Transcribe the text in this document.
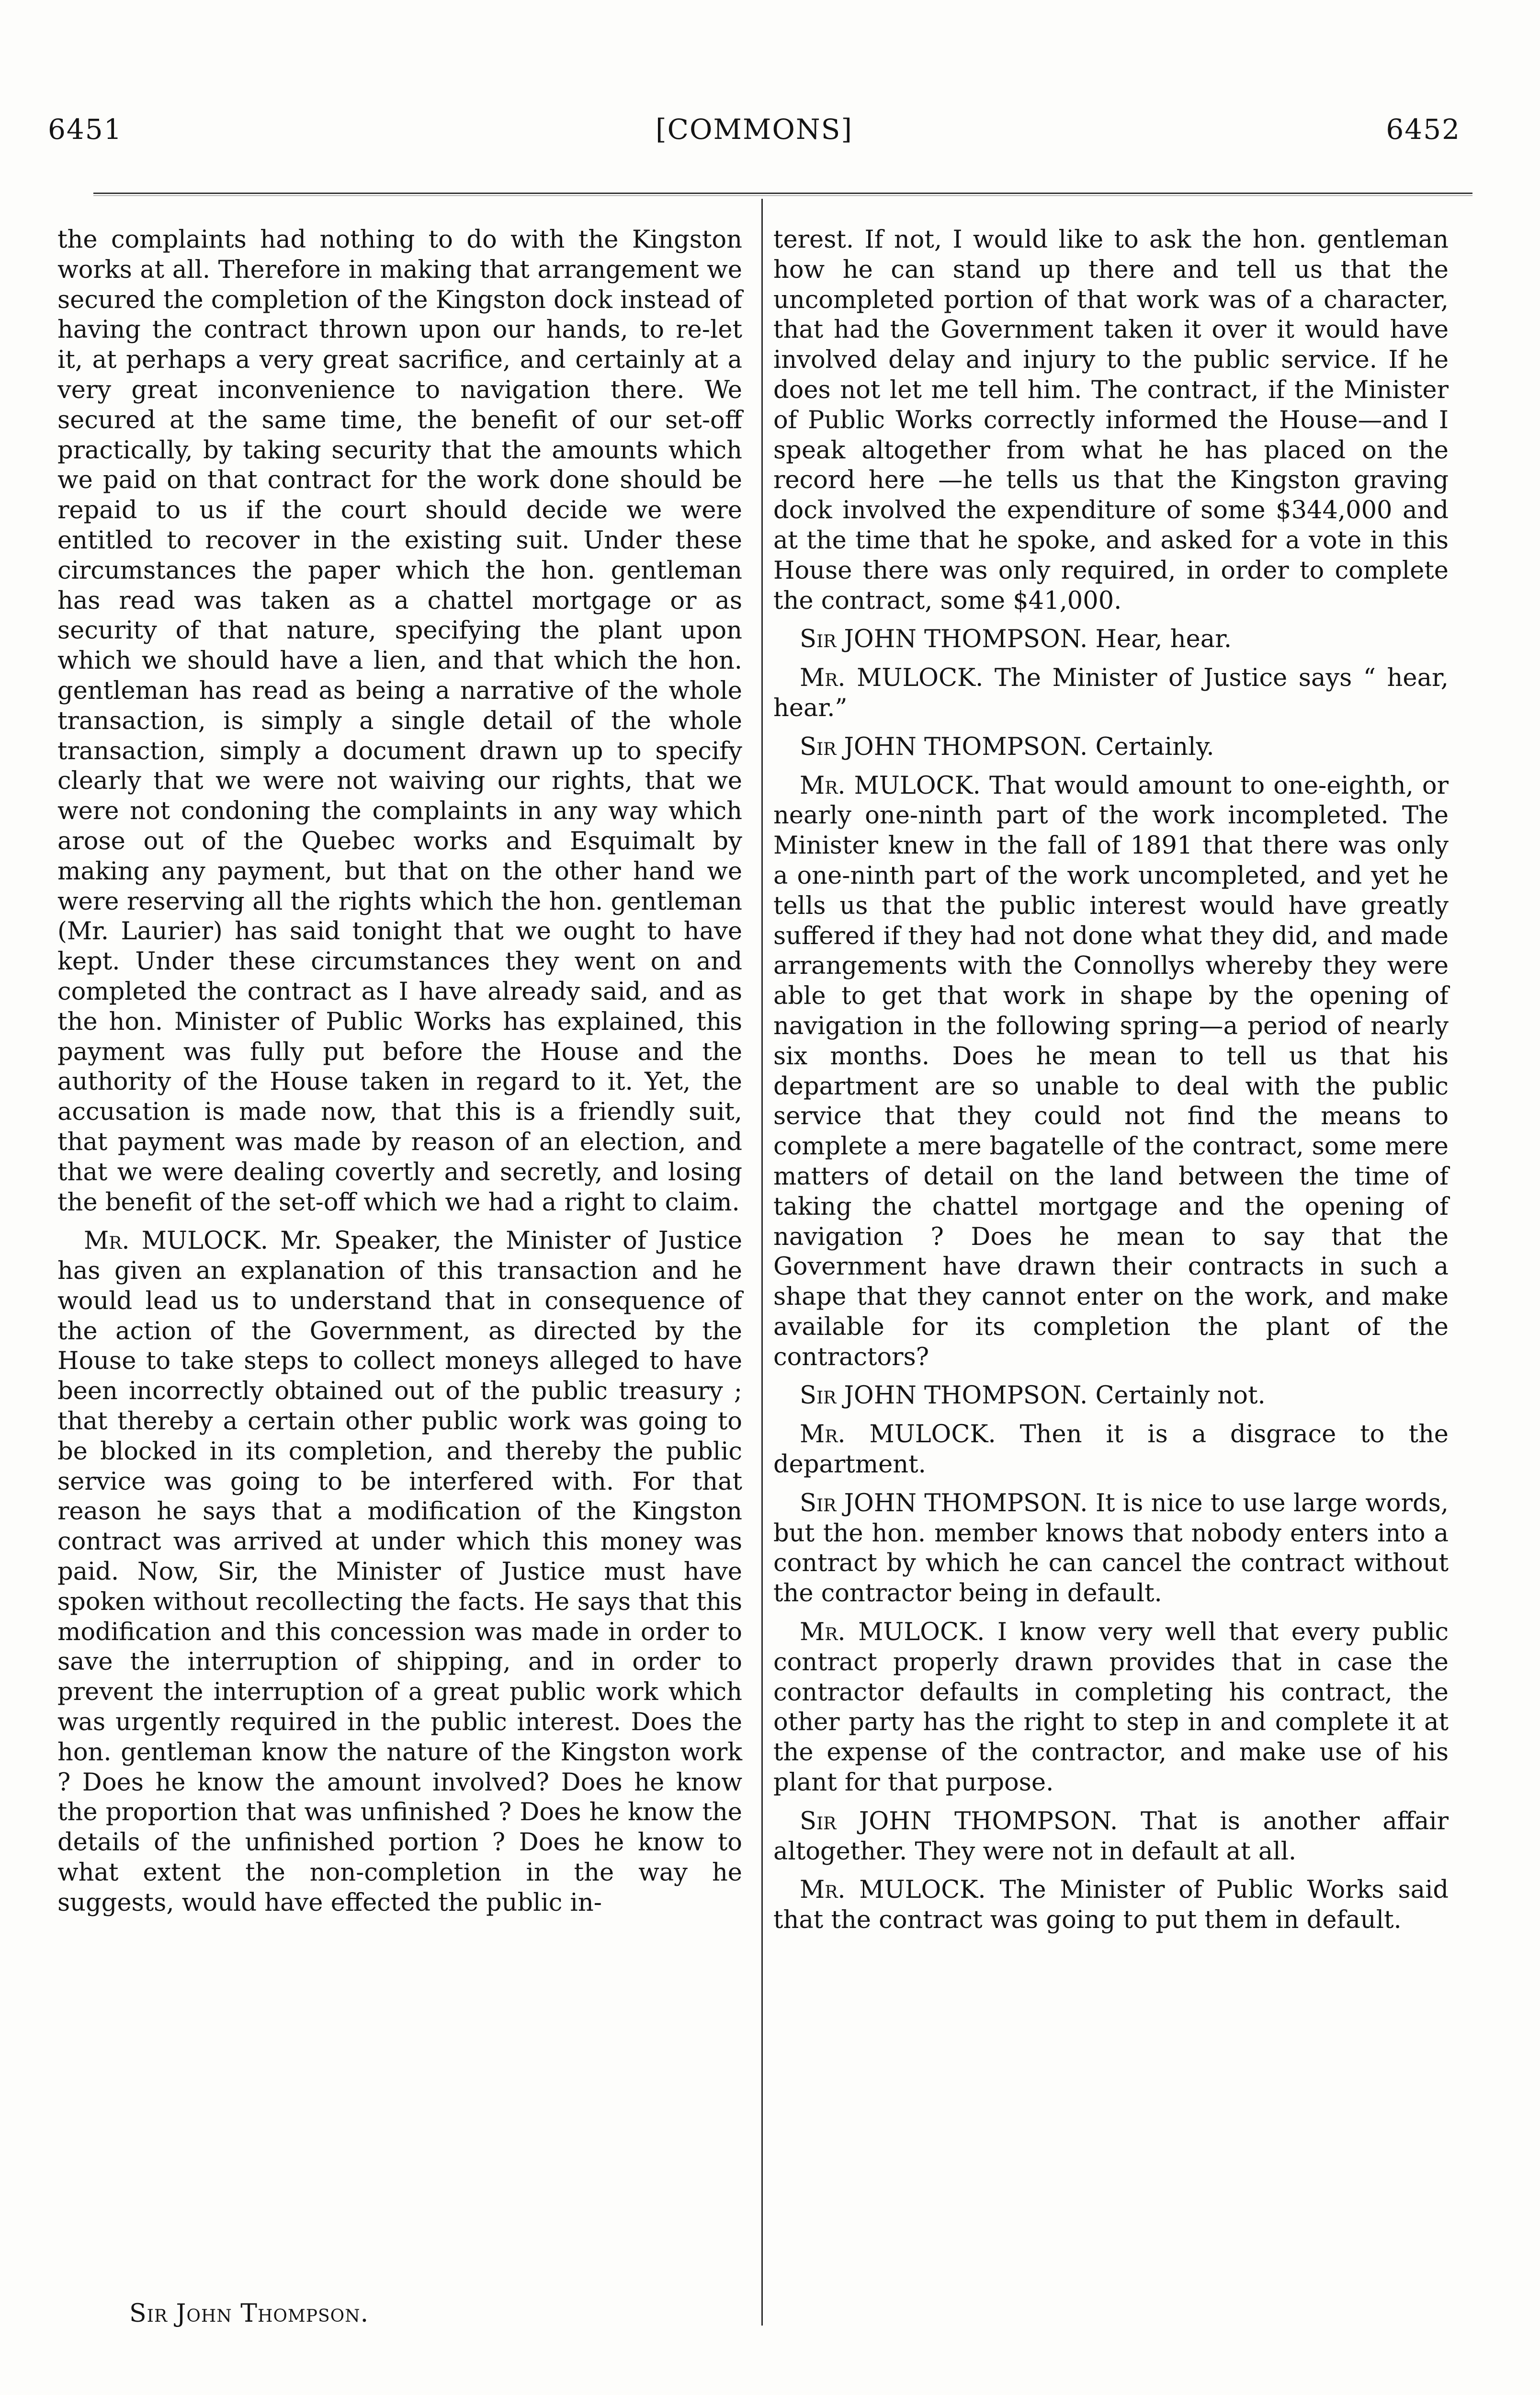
6451	[COMMONS]	6452

the complaints had nothing to do with the Kingston works at all. Therefore in making that arrangement we secured the completion of the Kingston dock instead of having the contract thrown upon our hands, to re-let it, at perhaps a very great sacrifice, and certainly at a very great inconvenience to navigation there. We secured at the same time, the benefit of our set-off practically, by taking security that the amounts which we paid on that contract for the work done should be repaid to us if the court should decide we were entitled to recover in the existing suit. Under these circumstances the paper which the hon. gentleman has read was taken as a chattel mortgage or as security of that nature, specifying the plant upon which we should have a lien, and that which the hon. gentleman has read as being a narrative of the whole transaction, is simply a single detail of the whole transaction, simply a document drawn up to specify clearly that we were not waiving our rights, that we were not condoning the complaints in any way which arose out of the Quebec works and Esquimalt by making any payment, but that on the other hand we were reserving all the rights which the hon. gentleman (Mr. Laurier) has said tonight that we ought to have kept. Under these circumstances they went on and completed the contract as I have already said, and as the hon. Minister of Public Works has explained, this payment was fully put before the House and the authority of the House taken in regard to it. Yet, the accusation is made now, that this is a friendly suit, that payment was made by reason of an election, and that we were dealing covertly and secretly, and losing the benefit of the set-off which we had a right to claim.

Mr. MULOCK. Mr. Speaker, the Minister of Justice has given an explanation of this transaction and he would lead us to understand that in consequence of the action of the Government, as directed by the House to take steps to collect moneys alleged to have been incorrectly obtained out of the public treasury ; that thereby a certain other public work was going to be blocked in its completion, and thereby the public service was going to be interfered with. For that reason he says that a modification of the Kingston contract was arrived at under which this money was paid. Now, Sir, the Minister of Justice must have spoken without recollecting the facts. He says that this modification and this concession was made in order to save the interruption of shipping, and in order to prevent the interruption of a great public work which was urgently required in the public interest. Does the hon. gentleman know the nature of the Kingston work ? Does he know the amount involved? Does he know the proportion that was unfinished ? Does he know the details of the unfinished portion ? Does he know to what extent the non-completion in the way he suggests, would have effected the public in-

Sir John Thompson.

terest. If not, I would like to ask the hon. gentleman how he can stand up there and tell us that the uncompleted portion of that work was of a character, that had the Government taken it over it would have involved delay and injury to the public service. If he does not let me tell him. The contract, if the Minister of Public Works correctly informed the House—and I speak altogether from what he has placed on the record here —he tells us that the Kingston graving dock involved the expenditure of some $344,000 and at the time that he spoke, and asked for a vote in this House there was only required, in order to complete the contract, some $41,000.

Sir JOHN THOMPSON. Hear, hear.

Mr. MULOCK. The Minister of Justice says “ hear, hear.”

Sir JOHN THOMPSON. Certainly.

Mr. MULOCK. That would amount to one-eighth, or nearly one-ninth part of the work incompleted. The Minister knew in the fall of 1891 that there was only a one-ninth part of the work uncompleted, and yet he tells us that the public interest would have greatly suffered if they had not done what they did, and made arrangements with the Connollys whereby they were able to get that work in shape by the opening of navigation in the following spring—a period of nearly six months. Does he mean to tell us that his department are so unable to deal with the public service that they could not find the means to complete a mere bagatelle of the contract, some mere matters of detail on the land between the time of taking the chattel mortgage and the opening of navigation ? Does he mean to say that the Government have drawn their contracts in such a shape that they cannot enter on the work, and make available for its completion the plant of the contractors?

Sir JOHN THOMPSON. Certainly not.

Mr. MULOCK. Then it is a disgrace to the department.

Sir JOHN THOMPSON. It is nice to use large words, but the hon. member knows that nobody enters into a contract by which he can cancel the contract without the contractor being in default.

Mr. MULOCK. I know very well that every public contract properly drawn provides that in case the contractor defaults in completing his contract, the other party has the right to step in and complete it at the expense of the contractor, and make use of his plant for that purpose.

Sir JOHN THOMPSON. That is another affair altogether. They were not in default at all.

Mr. MULOCK. The Minister of Public Works said that the contract was going to put them in default.
